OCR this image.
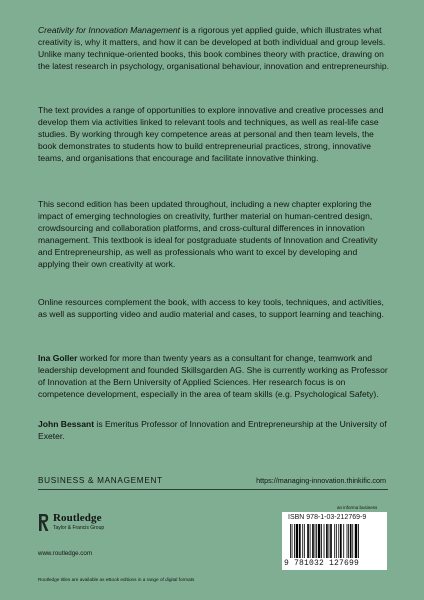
Creativity for Innovation Management is a rigorous yet applied guide, which illustrates what creativity is, why it matters, and how it can be developed at both individual and group levels. Unlike many technique-oriented books, this book combines theory with practice, drawing on the latest research in psychology, organisational behaviour, innovation and entrepreneurship.

The text provides a range of opportunities to explore innovative and creative processes and develop them via activities linked to relevant tools and techniques, as well as real-life case studies. By working through key competence areas at personal and then team levels, the book demonstrates to students how to build entrepreneurial practices, strong, innovative teams, and organisations that encourage and facilitate innovative thinking.

This second edition has been updated throughout, including a new chapter exploring the impact of emerging technologies on creativity, further material on human-centred design, crowdsourcing and collaboration platforms, and cross-cultural differences in innovation management. This textbook is ideal for postgraduate students of Innovation and Creativity and Entrepreneurship, as well as professionals who want to excel by developing and applying their own creativity at work.

Online resources complement the book, with access to key tools, techniques, and activities, as well as supporting video and audio material and cases, to support learning and teaching.

Ina Goller worked for more than twenty years as a consultant for change, teamwork and leadership development and founded Skillsgarden AG. She is currently working as Professor of Innovation at the Bern University of Applied Sciences. Her research focus is on competence development, especially in the area of team skills (e.g. Psychological Safety).

John Bessant is Emeritus Professor of Innovation and Entrepreneurship at the University of Exeter.

BUSINESS & MANAGEMENT	https://managing-innovation.thinkific.com
Routledge
Taylor & Francis Group
www.routledge.com
Routledge titles are available as eBook editions in a range of digital formats
an informa business
ISBN 978-1-03-212769-9
9 781032 127699
